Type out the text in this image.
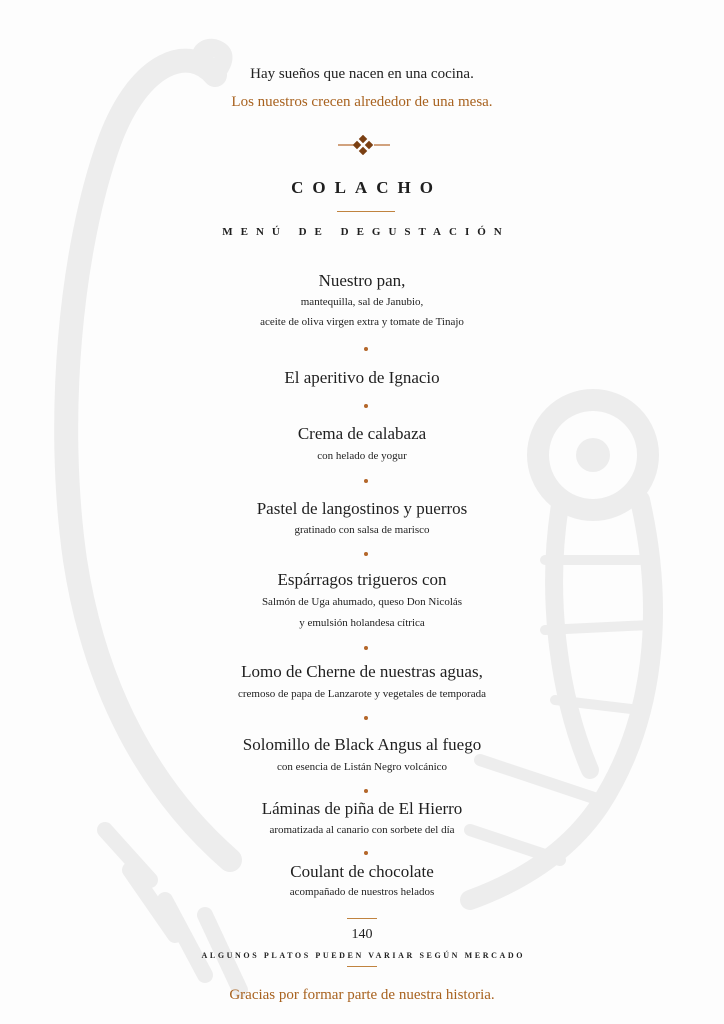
Hay sueños que nacen en una cocina.
Los nuestros crecen alrededor de una mesa.
COLACHO
MENÚ DE DEGUSTACIÓN
Nuestro pan,
mantequilla, sal de Janubio,
aceite de oliva virgen extra y tomate de Tinajo
El aperitivo de Ignacio
Crema de calabaza
con helado de yogur
Pastel de langostinos y puerros
gratinado con salsa de marisco
Espárragos trigueros con
Salmón de Uga ahumado, queso Don Nicolás
y emulsión holandesa cítrica
Lomo de Cherne de nuestras aguas,
cremoso de papa de Lanzarote y vegetales de temporada
Solomillo de Black Angus al fuego
con esencia de Listán Negro volcánico
Láminas de piña de El Hierro
aromatizada al canario con sorbete del día
Coulant de chocolate
acompañado de nuestros helados
140
ALGUNOS PLATOS PUEDEN VARIAR SEGÚN MERCADO
Gracias por formar parte de nuestra historia.
